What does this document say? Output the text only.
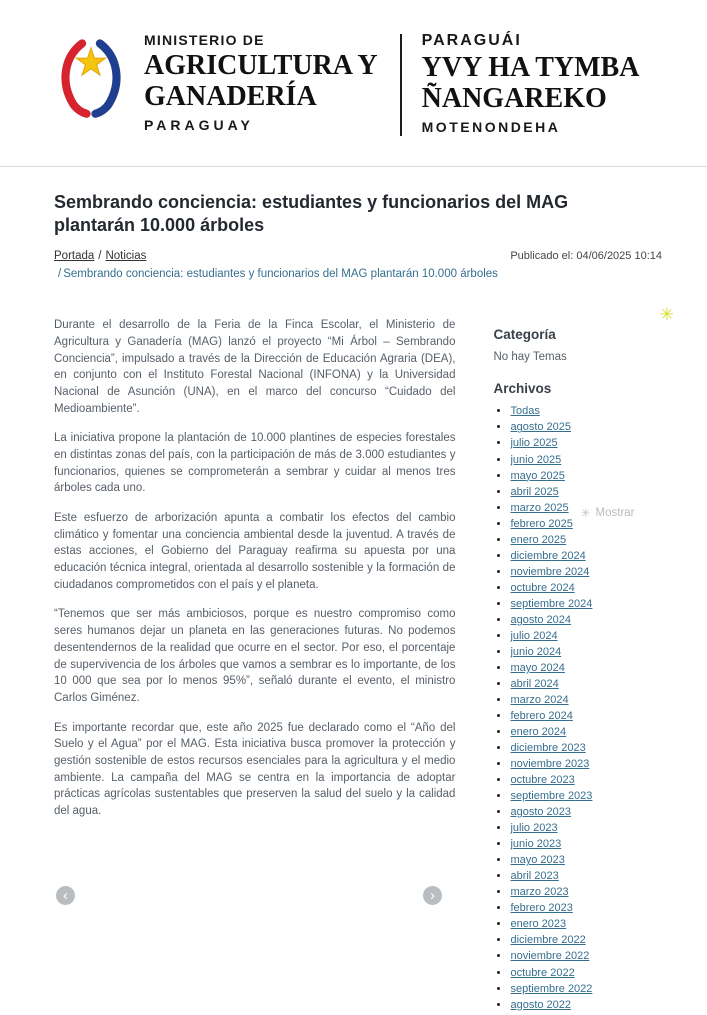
MINISTERIO DE
AGRICULTURA Y
GANADERÍA
PARAGUAY
PARAGUÁI
YVY HA TYMBA
ÑANGAREKO
MOTENONDEHA
Sembrando conciencia: estudiantes y funcionarios del MAG plantarán 10.000 árboles
Portada / Noticias
/ Sembrando conciencia: estudiantes y funcionarios del MAG plantarán 10.000 árboles
Publicado el: 04/06/2025 10:14

Durante el desarrollo de la Feria de la Finca Escolar, el Ministerio de Agricultura y Ganadería (MAG) lanzó el proyecto “Mi Árbol – Sembrando Conciencia”, impulsado a través de la Dirección de Educación Agraria (DEA), en conjunto con el Instituto Forestal Nacional (INFONA) y la Universidad Nacional de Asunción (UNA), en el marco del concurso “Cuidado del Medioambiente”.

La iniciativa propone la plantación de 10.000 plantines de especies forestales en distintas zonas del país, con la participación de más de 3.000 estudiantes y funcionarios, quienes se comprometerán a sembrar y cuidar al menos tres árboles cada uno.

Este esfuerzo de arborización apunta a combatir los efectos del cambio climático y fomentar una conciencia ambiental desde la juventud. A través de estas acciones, el Gobierno del Paraguay reafirma su apuesta por una educación técnica integral, orientada al desarrollo sostenible y la formación de ciudadanos comprometidos con el país y el planeta.

“Tenemos que ser más ambiciosos, porque es nuestro compromiso como seres humanos dejar un planeta en las generaciones futuras. No podemos desentendernos de la realidad que ocurre en el sector. Por eso, el porcentaje de supervivencia de los árboles que vamos a sembrar es lo importante, de los 10 000 que sea por lo menos 95%”, señaló durante el evento, el ministro Carlos Giménez.

Es importante recordar que, este año 2025 fue declarado como el “Año del Suelo y el Agua” por el MAG. Esta iniciativa busca promover la protección y gestión sostenible de estos recursos esenciales para la agricultura y el medio ambiente. La campaña del MAG se centra en la importancia de adoptar prácticas agrícolas sustentables que preserven la salud del suelo y la calidad del agua.

✳
Categoría
No hay Temas
Archivos
• Todas
• agosto 2025
• julio 2025
• junio 2025
• mayo 2025
• abril 2025
• marzo 2025
• febrero 2025
• enero 2025
• diciembre 2024
• noviembre 2024
• octubre 2024
• septiembre 2024
• agosto 2024
• julio 2024
• junio 2024
• mayo 2024
• abril 2024
• marzo 2024
• febrero 2024
• enero 2024
• diciembre 2023
• noviembre 2023
• octubre 2023
• septiembre 2023
• agosto 2023
• julio 2023
• junio 2023
• mayo 2023
• abril 2023
• marzo 2023
• febrero 2023
• enero 2023
• diciembre 2022
• noviembre 2022
• octubre 2022
• septiembre 2022
• agosto 2022
✳ Mostrar
‹	›
